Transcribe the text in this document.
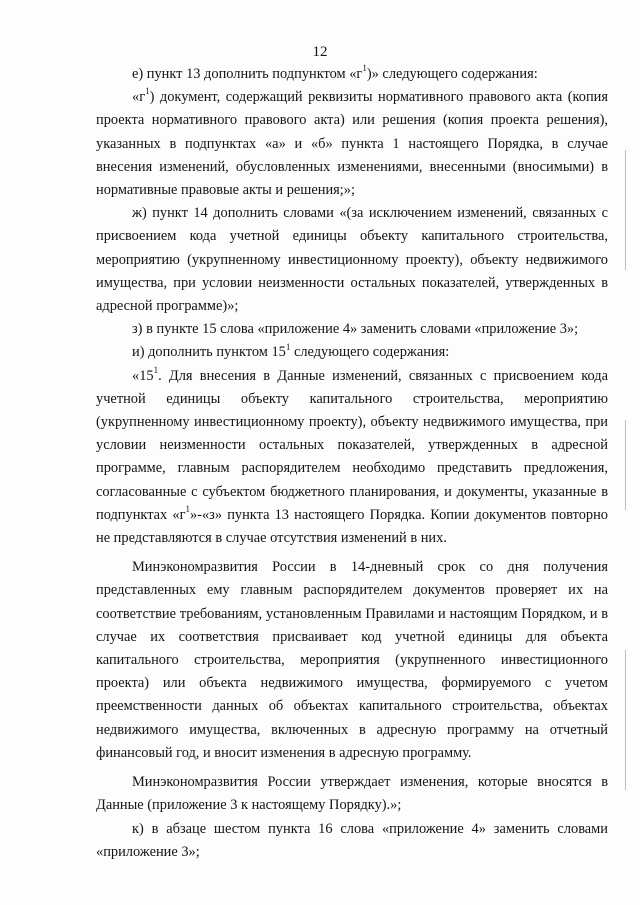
12

е) пункт 13 дополнить подпунктом «$г^1$)» следующего содержания:

«$г^1$) документ, содержащий реквизиты нормативного правового акта (копия проекта нормативного правового акта) или решения (копия проекта решения), указанных в подпунктах «а» и «б» пункта 1 настоящего Порядка, в случае внесения изменений, обусловленных изменениями, внесенными (вносимыми) в нормативные правовые акты и решения;»;

ж) пункт 14 дополнить словами «(за исключением изменений, связанных с присвоением кода учетной единицы объекту капитального строительства, мероприятию (укрупненному инвестиционному проекту), объекту недвижимого имущества, при условии неизменности остальных показателей, утвержденных в адресной программе)»;

з) в пункте 15 слова «приложение 4» заменить словами «приложение 3»;

и) дополнить пунктом $15^1$ следующего содержания:

«$15^1$. Для внесения в Данные изменений, связанных с присвоением кода учетной единицы объекту капитального строительства, мероприятию (укрупненному инвестиционному проекту), объекту недвижимого имущества, при условии неизменности остальных показателей, утвержденных в адресной программе, главным распорядителем необходимо представить предложения, согласованные с субъектом бюджетного планирования, и документы, указанные в подпунктах «$г^1»-«з$» пункта 13 настоящего Порядка. Копии документов повторно не представляются в случае отсутствия изменений в них.

Минэкономразвития России в 14-дневный срок со дня получения представленных ему главным распорядителем документов проверяет их на соответствие требованиям, установленным Правилами и настоящим Порядком, и в случае их соответствия присваивает код учетной единицы для объекта капитального строительства, мероприятия (укрупненного инвестиционного проекта) или объекта недвижимого имущества, формируемого с учетом преемственности данных об объектах капитального строительства, объектах недвижимого имущества, включенных в адресную программу на отчетный финансовый год, и вносит изменения в адресную программу.

Минэкономразвития России утверждает изменения, которые вносятся в Данные (приложение 3 к настоящему Порядку).»;

к) в абзаце шестом пункта 16 слова «приложение 4» заменить словами «приложение 3»;
